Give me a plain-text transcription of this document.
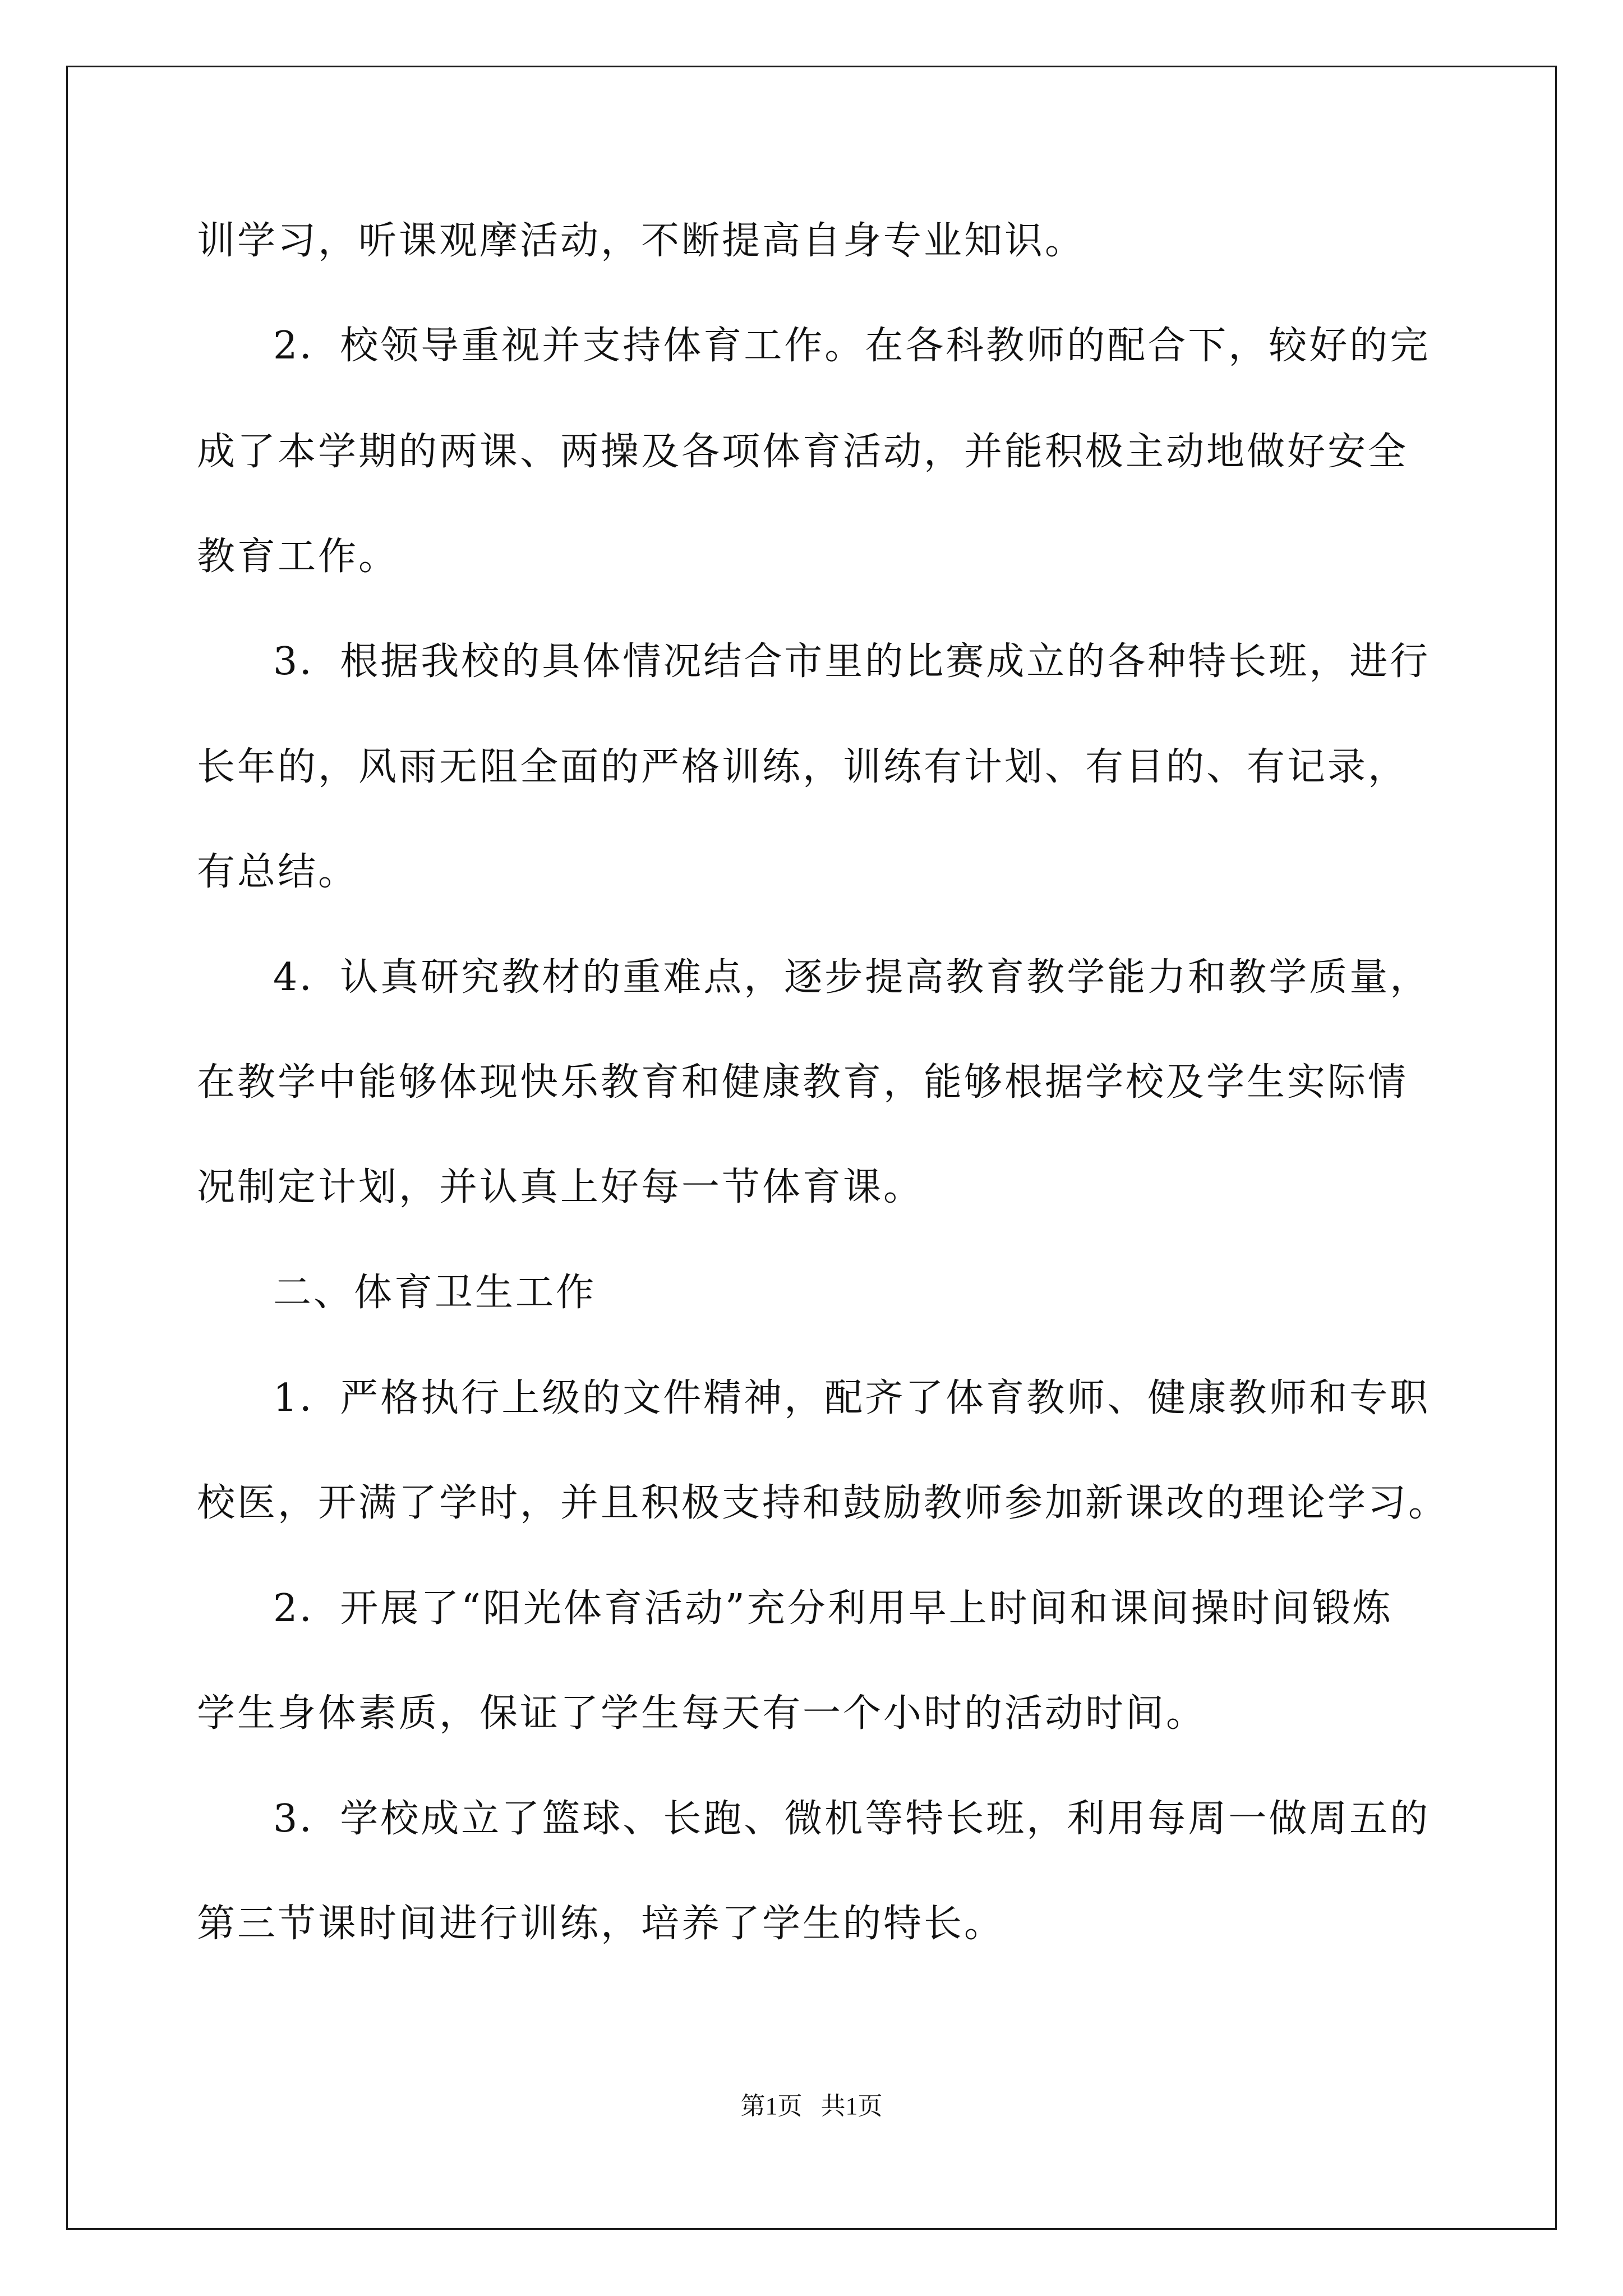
训学习，听课观摩活动，不断提高自身专业知识。
2．校领导重视并支持体育工作。在各科教师的配合下，较好的完
成了本学期的两课、两操及各项体育活动，并能积极主动地做好安全
教育工作。
3．根据我校的具体情况结合市里的比赛成立的各种特长班，进行
长年的，风雨无阻全面的严格训练，训练有计划、有目的、有记录，
有总结。
4．认真研究教材的重难点，逐步提高教育教学能力和教学质量，
在教学中能够体现快乐教育和健康教育，能够根据学校及学生实际情
况制定计划，并认真上好每一节体育课。
二、体育卫生工作
1．严格执行上级的文件精神，配齐了体育教师、健康教师和专职
校医，开满了学时，并且积极支持和鼓励教师参加新课改的理论学习。
2．开展了“阳光体育活动”充分利用早上时间和课间操时间锻炼
学生身体素质，保证了学生每天有一个小时的活动时间。
3．学校成立了篮球、长跑、微机等特长班，利用每周一做周五的
第三节课时间进行训练，培养了学生的特长。
第1页   共1页
